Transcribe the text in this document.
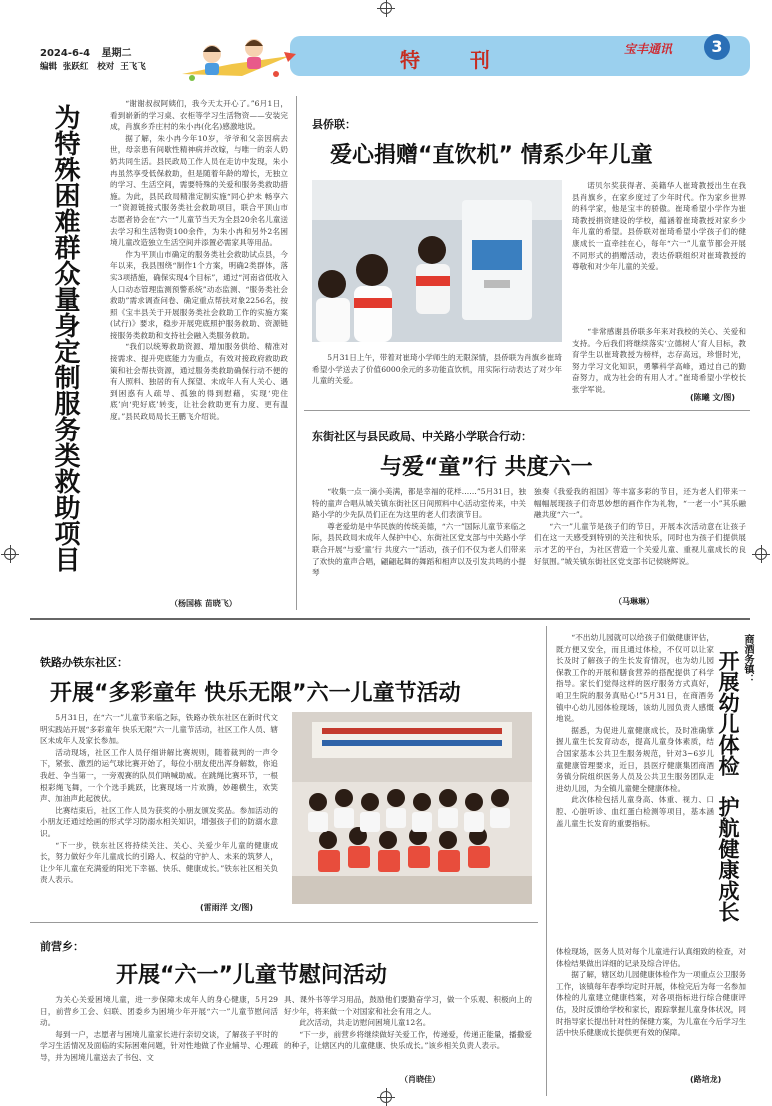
2024-6-4 星期二
编辑  张跃红   校对  王飞飞	特  刊	宝丰通讯	3
为特殊困难群众量身定制服务类救助项目

“谢谢叔叔阿姨们，我今天太开心了。”6月1日，看到崭新的学习桌、衣柜等学习生活物资——安装完成，肖旗乡乔庄村的朱小冉(化名)感激地说。

据了解，朱小冉今年10岁，爷爷和父亲因病去世，母亲患有间歇性精神病并改嫁，与唯一的亲人奶奶共同生活。县民政局工作人员在走访中发现，朱小冉虽然享受低保救助，但是随着年龄的增长，无独立的学习、生活空间，需要特殊的关爱和服务类救助措施。为此，县民政局精准定制实施“同心护未 畅享六一”资源链接式服务类社会救助项目，联合平顶山市志愿者协会在“六一”儿童节当天为全县20余名儿童送去学习和生活物资100余件，为朱小冉和另外2名困境儿童改造独立生活空间并添置必需家具等用品。

作为平顶山市确定的服务类社会救助试点县，今年以来，我县围绕“制作1个方案，明确2类群体，落实3项措施，确保实现4个目标”，通过“河南省低收入人口动态管理监测预警系统”动态监测、“服务类社会救助”需求调查问卷、确定重点帮扶对象2256名，按照《宝丰县关于开展服务类社会救助工作的实施方案(试行)》要求，稳步开展兜底照护服务救助、资源链接服务类救助和支持社会融入类服务救助。

“我们以统筹救助资源、增加服务供给、精准对接需求、提升兜底能力为重点，有效对接政府救助政策和社会帮扶资源，通过服务类救助确保行动不便的有人照料、独居的有人探望、未成年人有人关心、遇到困惑有人疏导、孤独的得到慰藉，实现‘兜住底’向‘兜好底’转变，让社会救助更有力度、更有温度。”县民政局局长王鹏飞介绍说。

（杨国栋 苗晓飞）
县侨联：
爱心捐赠“直饮机” 情系少年儿童

诺贝尔奖获得者、美籍华人崔琦教授出生在我县肖旗乡，在家乡度过了少年时代。作为家乡世界的科学家，他是宝丰的骄傲。崔琦希望小学作为崔琦教授捐资建设的学校，蕴涵着崔琦教授对家乡少年儿童的希望。县侨联对崔琦希望小学孩子们的健康成长一直牵挂在心，每年“六一”儿童节都会开展不同形式的捐赠活动，表达侨联组织对崔琦教授的尊敬和对少年儿童的关爱。

5月31日上午，带着对崔琦小学师生的无限深情，县侨联为肖旗乡崔琦希望小学送去了价值6000余元的多功能直饮机，用实际行动表达了对少年儿童的关爱。

“非常感谢县侨联多年来对我校的关心、关爱和支持。今后我们将继续落实‘立德树人’育人目标，教育学生以崔琦教授为榜样，志存高远，珍惜时光，努力学习文化知识，勇攀科学高峰，通过自己的勤奋努力，成为社会的有用人才。”崔琦希望小学校长张学军说。

(陈曦 文/图)
东街社区与县民政局、中关路小学联合行动：
与爱“童”行 共度六一

“收集一点一滴小美满，都是幸福的花样……”5月31日，独特的童声合唱从城关镇东街社区日间照料中心活动室传来，中关路小学的少先队员们正在为这里的老人们表演节目。

尊老爱幼是中华民族的传统美德，“六一”国际儿童节来临之际，县民政局未成年人保护中心、东街社区党支部与中关路小学联合开展“与爱‘童’行 共度六一”活动，孩子们不仅为老人们带来了欢快的童声合唱，翩翩起舞的舞蹈和相声以及引发共鸣的小提琴

独奏《我爱我的祖国》等丰富多彩的节目，还为老人们带来一幅幅展现孩子们奇思妙想的画作作为礼物，“一老一小”其乐融融共度“六一”。

“六一”儿童节是孩子们的节日，开展本次活动意在让孩子们在这一天感受到特别的关注和快乐，同时也为孩子们提供展示才艺的平台，为社区营造一个关爱儿童、重视儿童成长的良好氛围。”城关镇东街社区党支部书记侯晓辉说。

（马琳琳）
铁路办铁东社区：
开展“多彩童年 快乐无限”六一儿童节活动

5月31日，在“六一”儿童节来临之际，铁路办铁东社区在新时代文明实践站开展“多彩童年 快乐无限”六一儿童节活动，社区工作人员、辖区未成年人及家长参加。

活动现场，社区工作人员仔细讲解比赛规则，随着裁判的一声令下，紧张、激烈的运气球比赛开始了，每位小朋友使出浑身解数，你追我赶、争当第一，一旁观赛的队员们呐喊助威。在跳绳比赛环节，一根根彩绳飞舞，一个个选手跳跃，比赛现场一片欢腾，妙趣横生，欢笑声、加油声此起彼伏。

比赛结束后，社区工作人员为获奖的小朋友颁发奖品。参加活动的小朋友还通过绘画的形式学习防溺水相关知识，增强孩子们的防溺水意识。

“下一步，铁东社区将持续关注、关心、关爱少年儿童的健康成长，努力做好少年儿童成长的引路人、权益的守护人、未来的筑梦人，让少年儿童在充满爱的阳光下幸福、快乐、健康成长。”铁东社区相关负责人表示。

(雷雨洋 文/图)
前营乡：
开展“六一”儿童节慰问活动

为关心关爱困境儿童，进一步保障未成年人的身心健康，5月29日，前营乡工会、妇联、团委乡为困境少年开展“六一”儿童节慰问活动。

每到一户，志愿者与困境儿童家长进行亲切交谈，了解孩子平时的学习生活情况及面临的实际困难问题，针对性地做了作业辅导、心理疏导，并为困境儿童送去了书包、文

具、课外书等学习用品，鼓励他们要勤奋学习，做一个乐观、积极向上的好少年，将来做一个对国家和社会有用之人。

此次活动，共走访慰问困境儿童12名。

“下一步，前营乡将继续做好关爱工作，传递爱，传递正能量，播撒爱的种子，让辖区内的儿童健康、快乐成长。”该乡相关负责人表示。

（肖晓佳）

“不出幼儿园就可以给孩子们做健康评估，既方便又安全，而且通过体检，不仅可以让家长及时了解孩子的生长发育情况，也为幼儿园保教工作的开展和膳食营养的搭配提供了科学指导。家长们觉得这样的医疗服务方式真好，咱卫生院的服务真贴心!”5月31日，在商酒务镇中心幼儿园体检现场，该幼儿园负责人感慨地说。

据悉，为促进儿童健康成长，及时准确掌握儿童生长发育动态，提高儿童身体素质，结合国家基本公共卫生服务规范，针对3~6岁儿童健康管理要求，近日，县医疗健康集团商酒务镇分院组织医务人员及公共卫生服务团队走进幼儿园，为全镇儿童健全健康体检。

此次体检包括儿童身高、体重、视力、口腔、心脏听诊、血红蛋白检测等项目，基本涵盖儿童生长发育的重要指标。

商酒务镇：
开展幼儿体检
护航健康成长

体检现场，医务人员对每个儿童进行认真细致的检查，对体检结果做出详细的记录及综合评估。

据了解，辖区幼儿园健康体检作为一项重点公卫服务工作，该镇每年春季均定时开展，体检完后为每一名参加体检的儿童建立健康档案，对各项指标进行综合健康评估，及时反馈给学校和家长，跟踪掌握儿童身体状况，同时指导家长提出针对性的保健方案，为儿童在今后学习生活中快乐健康成长提供更有效的保障。

(路培龙)
